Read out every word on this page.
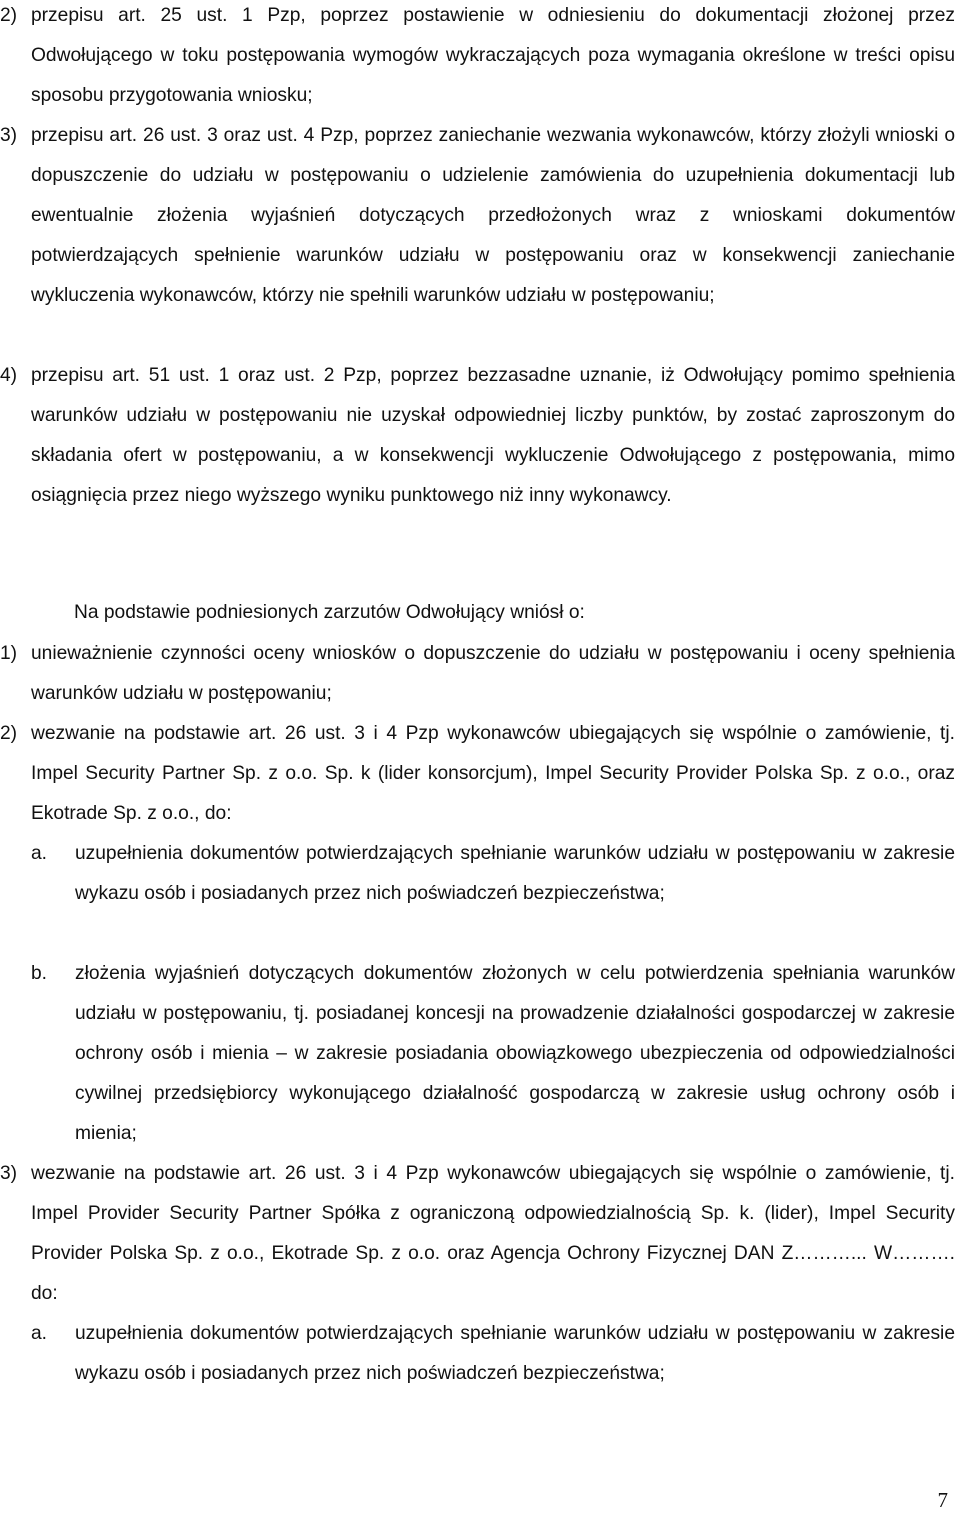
2) przepisu art. 25 ust. 1 Pzp, poprzez postawienie w odniesieniu do dokumentacji złożonej przez Odwołującego w toku postępowania wymogów wykraczających poza wymagania określone w treści opisu sposobu przygotowania wniosku;
3) przepisu art. 26 ust. 3 oraz ust. 4 Pzp, poprzez zaniechanie wezwania wykonawców, którzy złożyli wnioski o dopuszczenie do udziału w postępowaniu o udzielenie zamówienia do uzupełnienia dokumentacji lub ewentualnie złożenia wyjaśnień dotyczących przedłożonych wraz z wnioskami dokumentów potwierdzających spełnienie warunków udziału w postępowaniu oraz w konsekwencji zaniechanie wykluczenia wykonawców, którzy nie spełnili warunków udziału w postępowaniu;
4) przepisu art. 51 ust. 1 oraz ust. 2 Pzp, poprzez bezzasadne uznanie, iż Odwołujący pomimo spełnienia warunków udziału w postępowaniu nie uzyskał odpowiedniej liczby punktów, by zostać zaproszonym do składania ofert w postępowaniu, a w konsekwencji wykluczenie Odwołującego z postępowania, mimo osiągnięcia przez niego wyższego wyniku punktowego niż inny wykonawcy.
Na podstawie podniesionych zarzutów Odwołujący wniósł o:
1) unieważnienie czynności oceny wniosków o dopuszczenie do udziału w postępowaniu i oceny spełnienia warunków udziału w postępowaniu;
2) wezwanie na podstawie art. 26 ust. 3 i 4 Pzp wykonawców ubiegających się wspólnie o zamówienie, tj. Impel Security Partner Sp. z o.o. Sp. k (lider konsorcjum), Impel Security Provider Polska Sp. z o.o., oraz Ekotrade Sp. z o.o., do:
a.	uzupełnienia dokumentów potwierdzających spełnianie warunków udziału w postępowaniu w zakresie wykazu osób i posiadanych przez nich poświadczeń bezpieczeństwa;
b.	złożenia wyjaśnień dotyczących dokumentów złożonych w celu potwierdzenia spełniania warunków udziału w postępowaniu, tj. posiadanej koncesji na prowadzenie działalności gospodarczej w zakresie ochrony osób i mienia – w zakresie posiadania obowiązkowego ubezpieczenia od odpowiedzialności cywilnej przedsiębiorcy wykonującego działalność gospodarczą w zakresie usług ochrony osób i mienia;
3) wezwanie na podstawie art. 26 ust. 3 i 4 Pzp wykonawców ubiegających się wspólnie o zamówienie, tj. Impel Provider Security Partner Spółka z ograniczoną odpowiedzialnością Sp. k. (lider), Impel Security Provider Polska Sp. z o.o., Ekotrade Sp. z o.o. oraz Agencja Ochrony Fizycznej DAN Z………... W………. do:
a.	uzupełnienia dokumentów potwierdzających spełnianie warunków udziału w postępowaniu w zakresie wykazu osób i posiadanych przez nich poświadczeń bezpieczeństwa;
7
